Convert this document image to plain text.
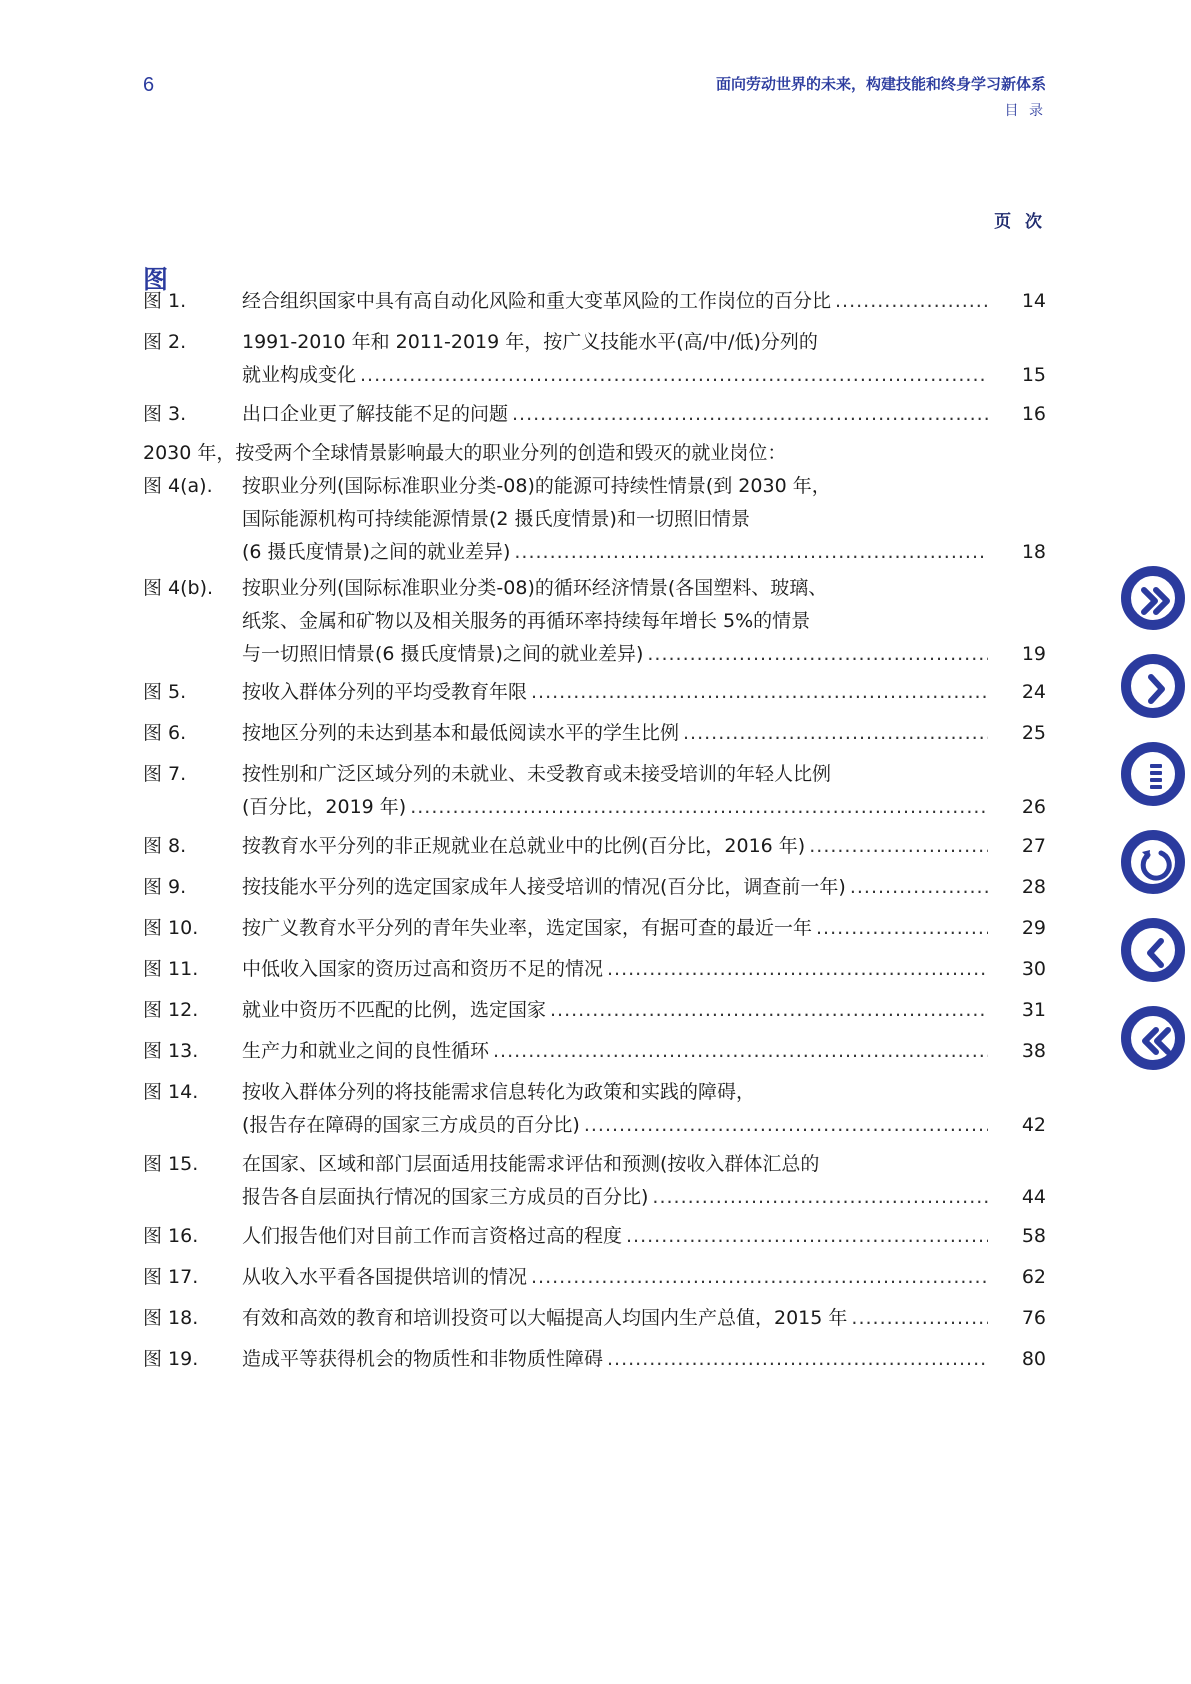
6	面向劳动世界的未来，构建技能和终身学习新体系
目 录
页 次
图
图 1.	经合组织国家中具有高自动化风险和重大变革风险的工作岗位的百分比 .....	14
图 2.	1991-2010 年和 2011-2019 年，按广义技能水平(高/中/低)分列的
就业构成变化 .....	15
图 3.	出口企业更了解技能不足的问题 .....	16
图 4(a). 按职业分列(国际标准职业分类-08)的能源可持续性情景(到 2030 年，
国际能源机构可持续能源情景(2 摄氏度情景)和一切照旧情景
(6 摄氏度情景)之间的就业差异) .....	18
图 4(b). 按职业分列(国际标准职业分类-08)的循环经济情景(各国塑料、玻璃、
纸浆、金属和矿物以及相关服务的再循环率持续每年增长 5%的情景
与一切照旧情景(6 摄氏度情景)之间的就业差异) .....	19
图 5.	按收入群体分列的平均受教育年限 .....	24
图 6.	按地区分列的未达到基本和最低阅读水平的学生比例 .....	25
图 7.	按性别和广泛区域分列的未就业、未受教育或未接受培训的年轻人比例
(百分比，2019 年) .....	26
图 8.	按教育水平分列的非正规就业在总就业中的比例(百分比，2016 年) .....	27
图 9.	按技能水平分列的选定国家成年人接受培训的情况(百分比，调查前一年) .....	28
图 10. 按广义教育水平分列的青年失业率，选定国家，有据可查的最近一年 .....	29
图 11. 中低收入国家的资历过高和资历不足的情况 .....	30
图 12. 就业中资历不匹配的比例，选定国家 .....	31
图 13. 生产力和就业之间的良性循环 .....	38
图 14. 按收入群体分列的将技能需求信息转化为政策和实践的障碍，
(报告存在障碍的国家三方成员的百分比) .....	42
图 15. 在国家、区域和部门层面适用技能需求评估和预测(按收入群体汇总的
报告各自层面执行情况的国家三方成员的百分比) .....	44
图 16. 人们报告他们对目前工作而言资格过高的程度 .....	58
图 17. 从收入水平看各国提供培训的情况 .....	62
图 18. 有效和高效的教育和培训投资可以大幅提高人均国内生产总值，2015 年 .....	76
图 19. 造成平等获得机会的物质性和非物质性障碍 .....	80
2030 年，按受两个全球情景影响最大的职业分列的创造和毁灭的就业岗位：
